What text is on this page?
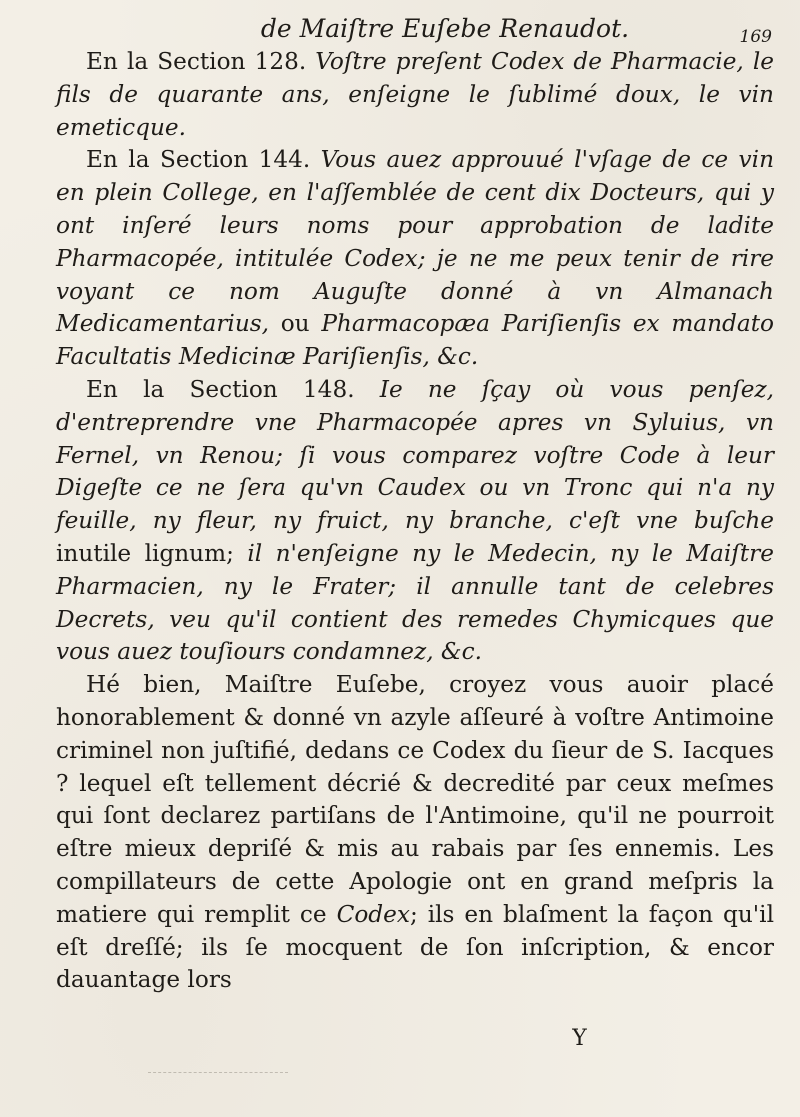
de Maiſtre Euſebe Renaudot.	169

En la Section 128. Voſtre preſent Codex de Pharmacie, le fils de quarante ans, enſeigne le ſublimé doux, le vin emeticque.

En la Section 144. Vous auez approuué l'vſage de ce vin en plein College, en l'aſſemblée de cent dix Docteurs, qui y ont inſeré leurs noms pour approbation de ladite Pharmacopée, intitulée Codex; je ne me peux tenir de rire voyant ce nom Auguſte donné à vn Almanach Medicamentarius, ou Pharmacopæa Pariſienſis ex mandato Facultatis Medicinæ Pariſienſis, &c.

En la Section 148. Ie ne ſçay où vous penſez, d'entreprendre vne Pharmacopée apres vn Syluius, vn Fernel, vn Renou; ſi vous comparez voſtre Code à leur Digeſte ce ne ſera qu'vn Caudex ou vn Tronc qui n'a ny feuille, ny fleur, ny fruict, ny branche, c'eſt vne buſche inutile lignum; il n'enſeigne ny le Medecin, ny le Maiſtre Pharmacien, ny le Frater; il annulle tant de celebres Decrets, veu qu'il contient des remedes Chymicques que vous auez touſiours condamnez, &c.

Hé bien, Maiſtre Euſebe, croyez vous auoir placé honorablement & donné vn azyle aſſeuré à voſtre Antimoine criminel non juſtifié, dedans ce Codex du ſieur de S. Iacques ? lequel eſt tellement décrié & decredité par ceux meſmes qui ſont declarez partiſans de l'Antimoine, qu'il ne pourroit eſtre mieux depriſé & mis au rabais par ſes ennemis. Les compillateurs de cette Apologie ont en grand meſpris la matiere qui remplit ce Codex; ils en blaſment la façon qu'il eſt dreſſé; ils ſe mocquent de ſon inſcription, & encor dauantage lors

Y
